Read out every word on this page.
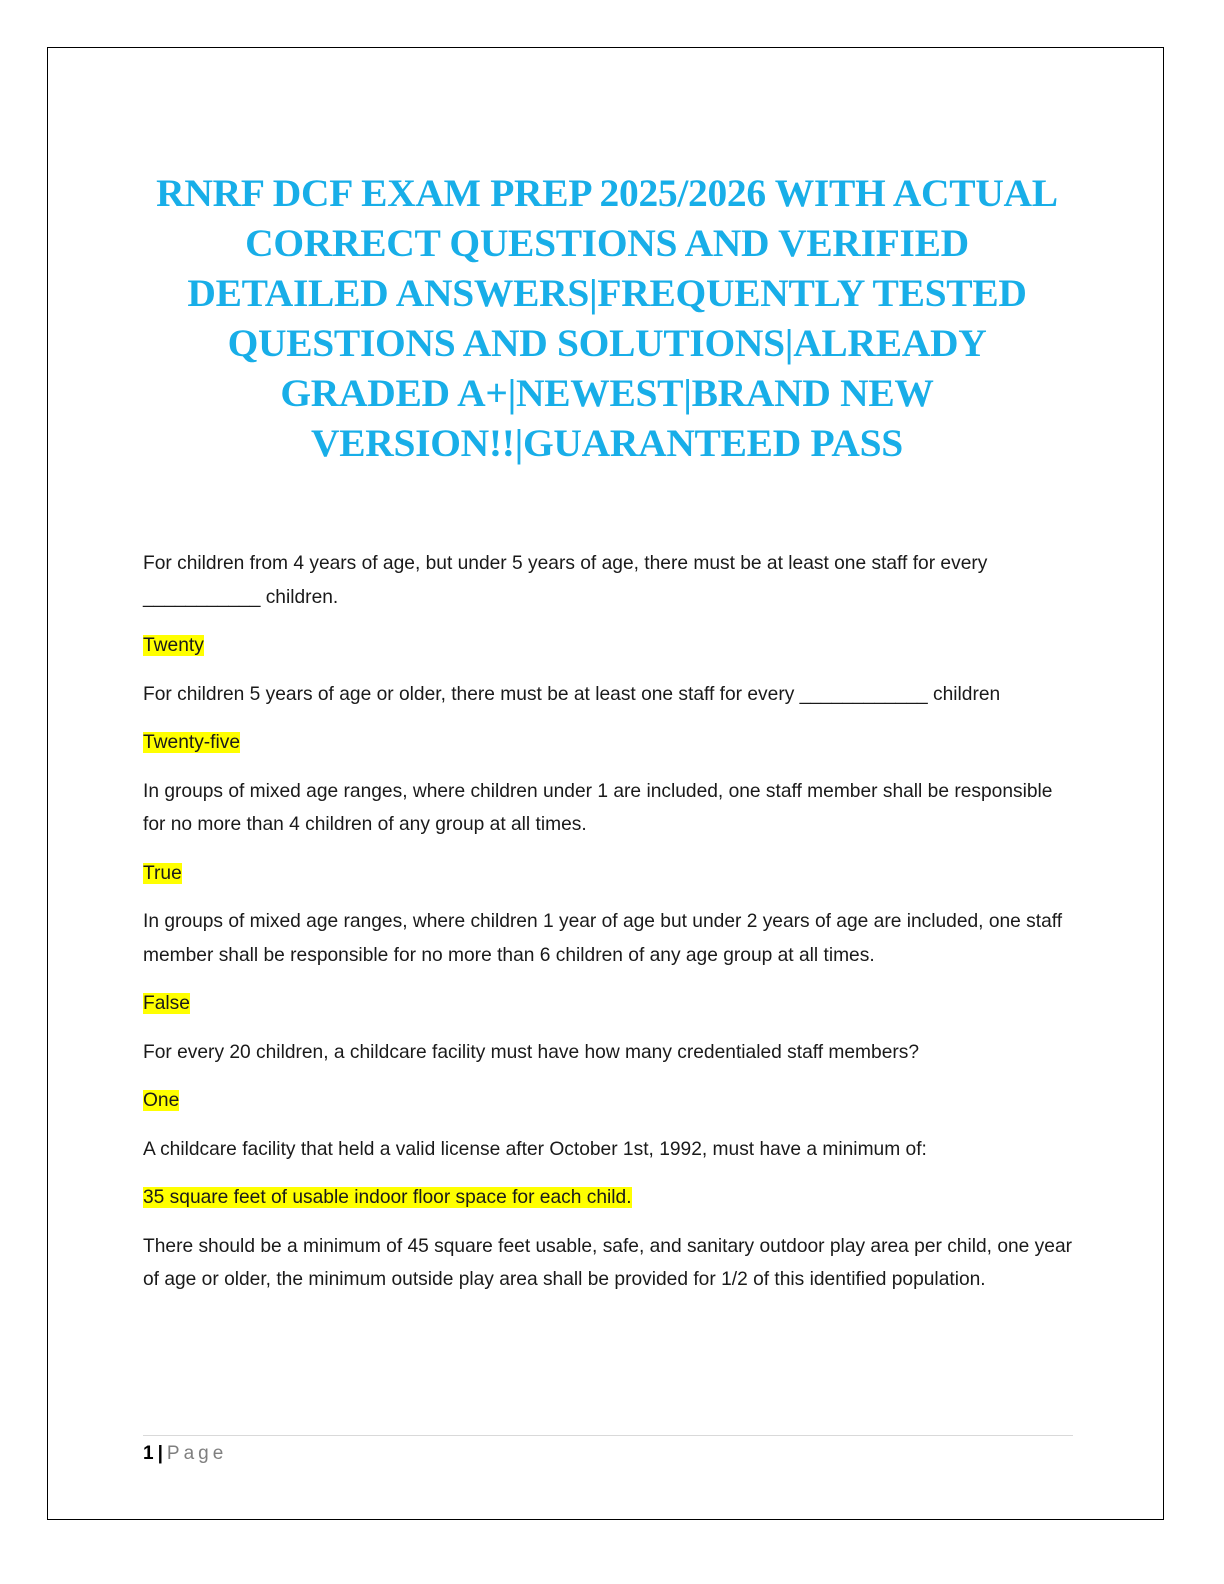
RNRF DCF EXAM PREP 2025/2026 WITH ACTUAL CORRECT QUESTIONS AND VERIFIED DETAILED ANSWERS|FREQUENTLY TESTED QUESTIONS AND SOLUTIONS|ALREADY GRADED A+|NEWEST|BRAND NEW VERSION!!|GUARANTEED PASS

For children from 4 years of age, but under 5 years of age, there must be at least one staff for every ___________ children.

Twenty

For children 5 years of age or older, there must be at least one staff for every ____________ children

Twenty-five

In groups of mixed age ranges, where children under 1 are included, one staff member shall be responsible for no more than 4 children of any group at all times.

True

In groups of mixed age ranges, where children 1 year of age but under 2 years of age are included, one staff member shall be responsible for no more than 6 children of any age group at all times.

False

For every 20 children, a childcare facility must have how many credentialed staff members?

One

A childcare facility that held a valid license after October 1st, 1992, must have a minimum of:

35 square feet of usable indoor floor space for each child.

There should be a minimum of 45 square feet usable, safe, and sanitary outdoor play area per child, one year of age or older, the minimum outside play area shall be provided for 1/2 of this identified population.

1 | Page
